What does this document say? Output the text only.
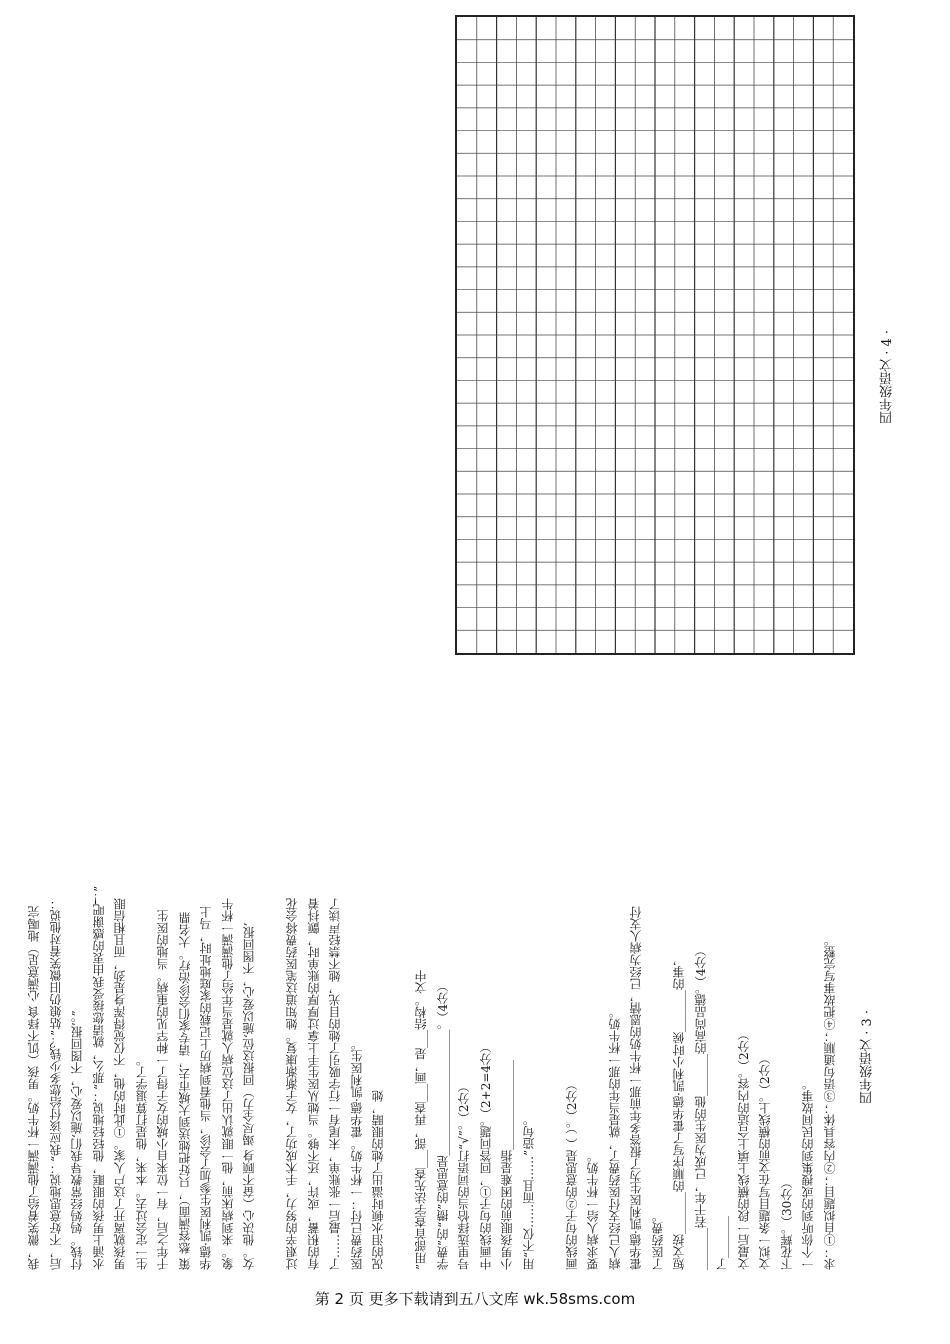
我，微笑着给了他满满一杯牛奶。男孩（饥不择食 心满意足）地喝完 后，不好意思地说：“我应该付给您多少钱？”姑娘仍旧微笑着对他说： 付钱。妈妈经常教导我们‘施以爱心，不图回报’。” 水涌上男孩的眼眶，他轻轻地说：“那么，就请您接受我由衷的感谢吧！” 男孩就离开了这户人家。①此时的他，不仅觉得浑身是劲，而且相信眼 生一定会过去。本来，他是打算退学了。 千年之后，有一位来自小城的女子得了一种罕见的重病。当地的医生 策 愁容满面），只好把她送到大城市去，请专家们会诊治疗。大名鼎 华德·凯利医生参加了会诊，当他看到病历上记载的家庭地址时，马上 象。来到病床前，他一眼就认出了这位病人就是当年给了他满满一杯牛 女。他决心（奋不顾身 竭尽全力）回报这位‘施以爱心，不图回报’ 过艰辛的努力，手术成功了，女子渐渐康复。她知道这笔医药费将会花 有的积蓄，或许，还不够。当她从医生手上拿过厚厚的账单时，颤抖着 了……最后一张账单，末尾有一行字吸引了她的目光，她不禁轻声读了 医药费已付：一杯牛奶。霍华德·凯利医生。 况的泪水顿时溢出了她的眼睛，她 ”用部首查字法先查___部，再查___画，是___结构。文中 学费”的“攒”的意思是_____________________。（4分） 号里选择恰当的词语打“√”。（2分） 中画线的句子①，回答问题。（2+2=4分） 小男孩眼前的困难是指_______________ 用“不仅……而且……”造句。 画线的句子②的意思是（ ）。（2分） 要求病人给一杯牛奶。 病人已经支付医药费了，就是当年的那一杯牛奶。 霍华德·凯利医生为了报答多年前那一杯牛奶的恩情，已经为病人支付 了医药费。 短文按_______的顺序写了霍华德·凯利小时候_______的事， _______若干年，已成为医生的他_______的高尚品德。（4分） 了_______ 文最后一段的横线上填上合适的内容。（2分） 文拟一条题目写在文前的横线上。（2分） 下花辉。（30分） 一个你听到的或搜集到的民间故事。 求：①自拟题目；②内容具体；③语句通顺；④把故事写完整。
四年级语文 · 4 ·
四年级语文 · 3 ·
第 2 页 更多下载请到五八文库 wk.58sms.com
